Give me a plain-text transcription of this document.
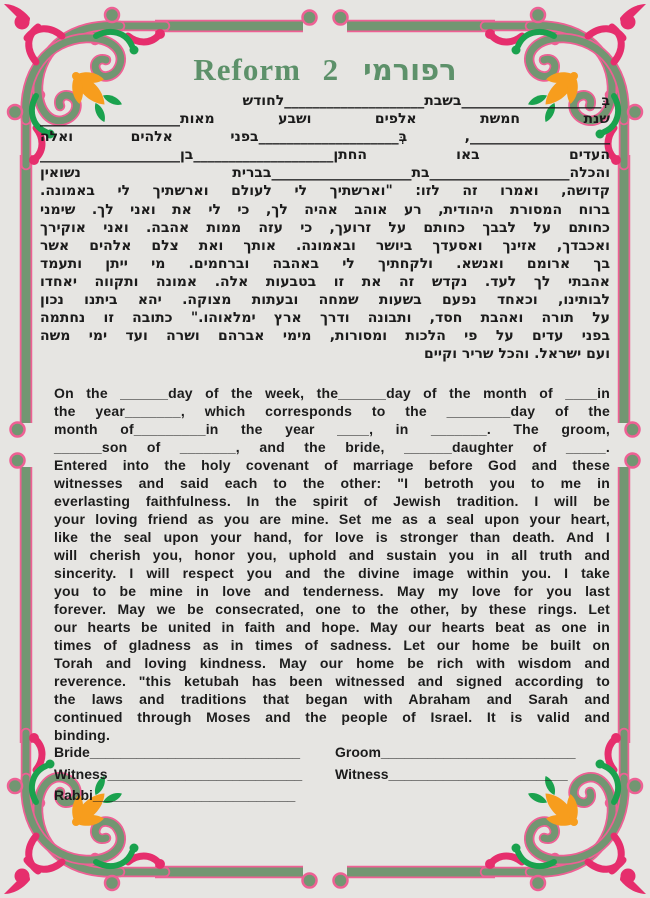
Reform 2 רפורמי
בְּ____________________בשבת____________________לחודש
שנת חמשת אלפים ושבע מאות____________________
____________________, בְּ____________________בפני אלהים ואלה
העדים באו החתן____________________בן____________________
והכלה____________________בת____________________בברית נשואין
קדושה, ואמרו זה לזו: "וארשתיך לי לעולם וארשתיך לי באמונה.
ברוח המסורת היהודית, רע אוהב אהיה לך, כי לי את ואני לך. שימני
כחותם על לבבך כחותם על זרועך, כי עזה ממות אהבה. ואני אוקירך
ואכבדך, אזינך ואסעדך ביושר ובאמונה. אותך ואת צלם אלהים אשר
בך ארומם ואנשא. ולקחתיך לי באהבה וברחמים. מי ייתן ותעמד
אהבתי לך לעד. נקדש זה את זו בטבעות אלה. אמונה ותקווה יאחדו
לבותינו, וכאחד נפעם בשעות שמחה ובעתות מצוקה. יהא ביתנו נכון
על תורה ואהבת חסד, ותבונה ודרך ארץ ימלאוהו." כתובה זו נחתמה
בפני עדים על פי הלכות ומסורות, מימי אברהם ושרה ועד ימי משה
ועם ישראל. והכל שריר וקיים
On the ______day of the week, the______day of the month of ____in
the year_______, which corresponds to the ________day of the
month of_________in the year ____, in _______. The groom,
______son of _______, and the bride, ______daughter of _____.
Entered into the holy covenant of marriage before God and these
witnesses and said each to the other: "I betroth you to me in
everlasting faithfulness. In the spirit of Jewish tradition. I will be
your loving friend as you are mine. Set me as a seal upon your heart,
like the seal upon your hand, for love is stronger than death. And I
will cherish you, honor you, uphold and sustain you in all truth and
sincerity. I will respect you and the divine image within you. I take
you to be mine in love and tenderness. May my love for you last
forever. May we be consecrated, one to the other, by these rings. Let
our hearts be united in faith and hope. May our hearts beat as one in
times of gladness as in times of sadness. Let our home be built on
Torah and loving kindness. May our home be rich with wisdom and
reverence. "this ketubah has been witnessed and signed according to
the laws and traditions that began with Abraham and Sarah and
continued through Moses and the people of Israel. It is valid and
binding.
Bride___________________________	Groom_________________________
Witness_________________________	Witness_______________________
Rabbi__________________________
